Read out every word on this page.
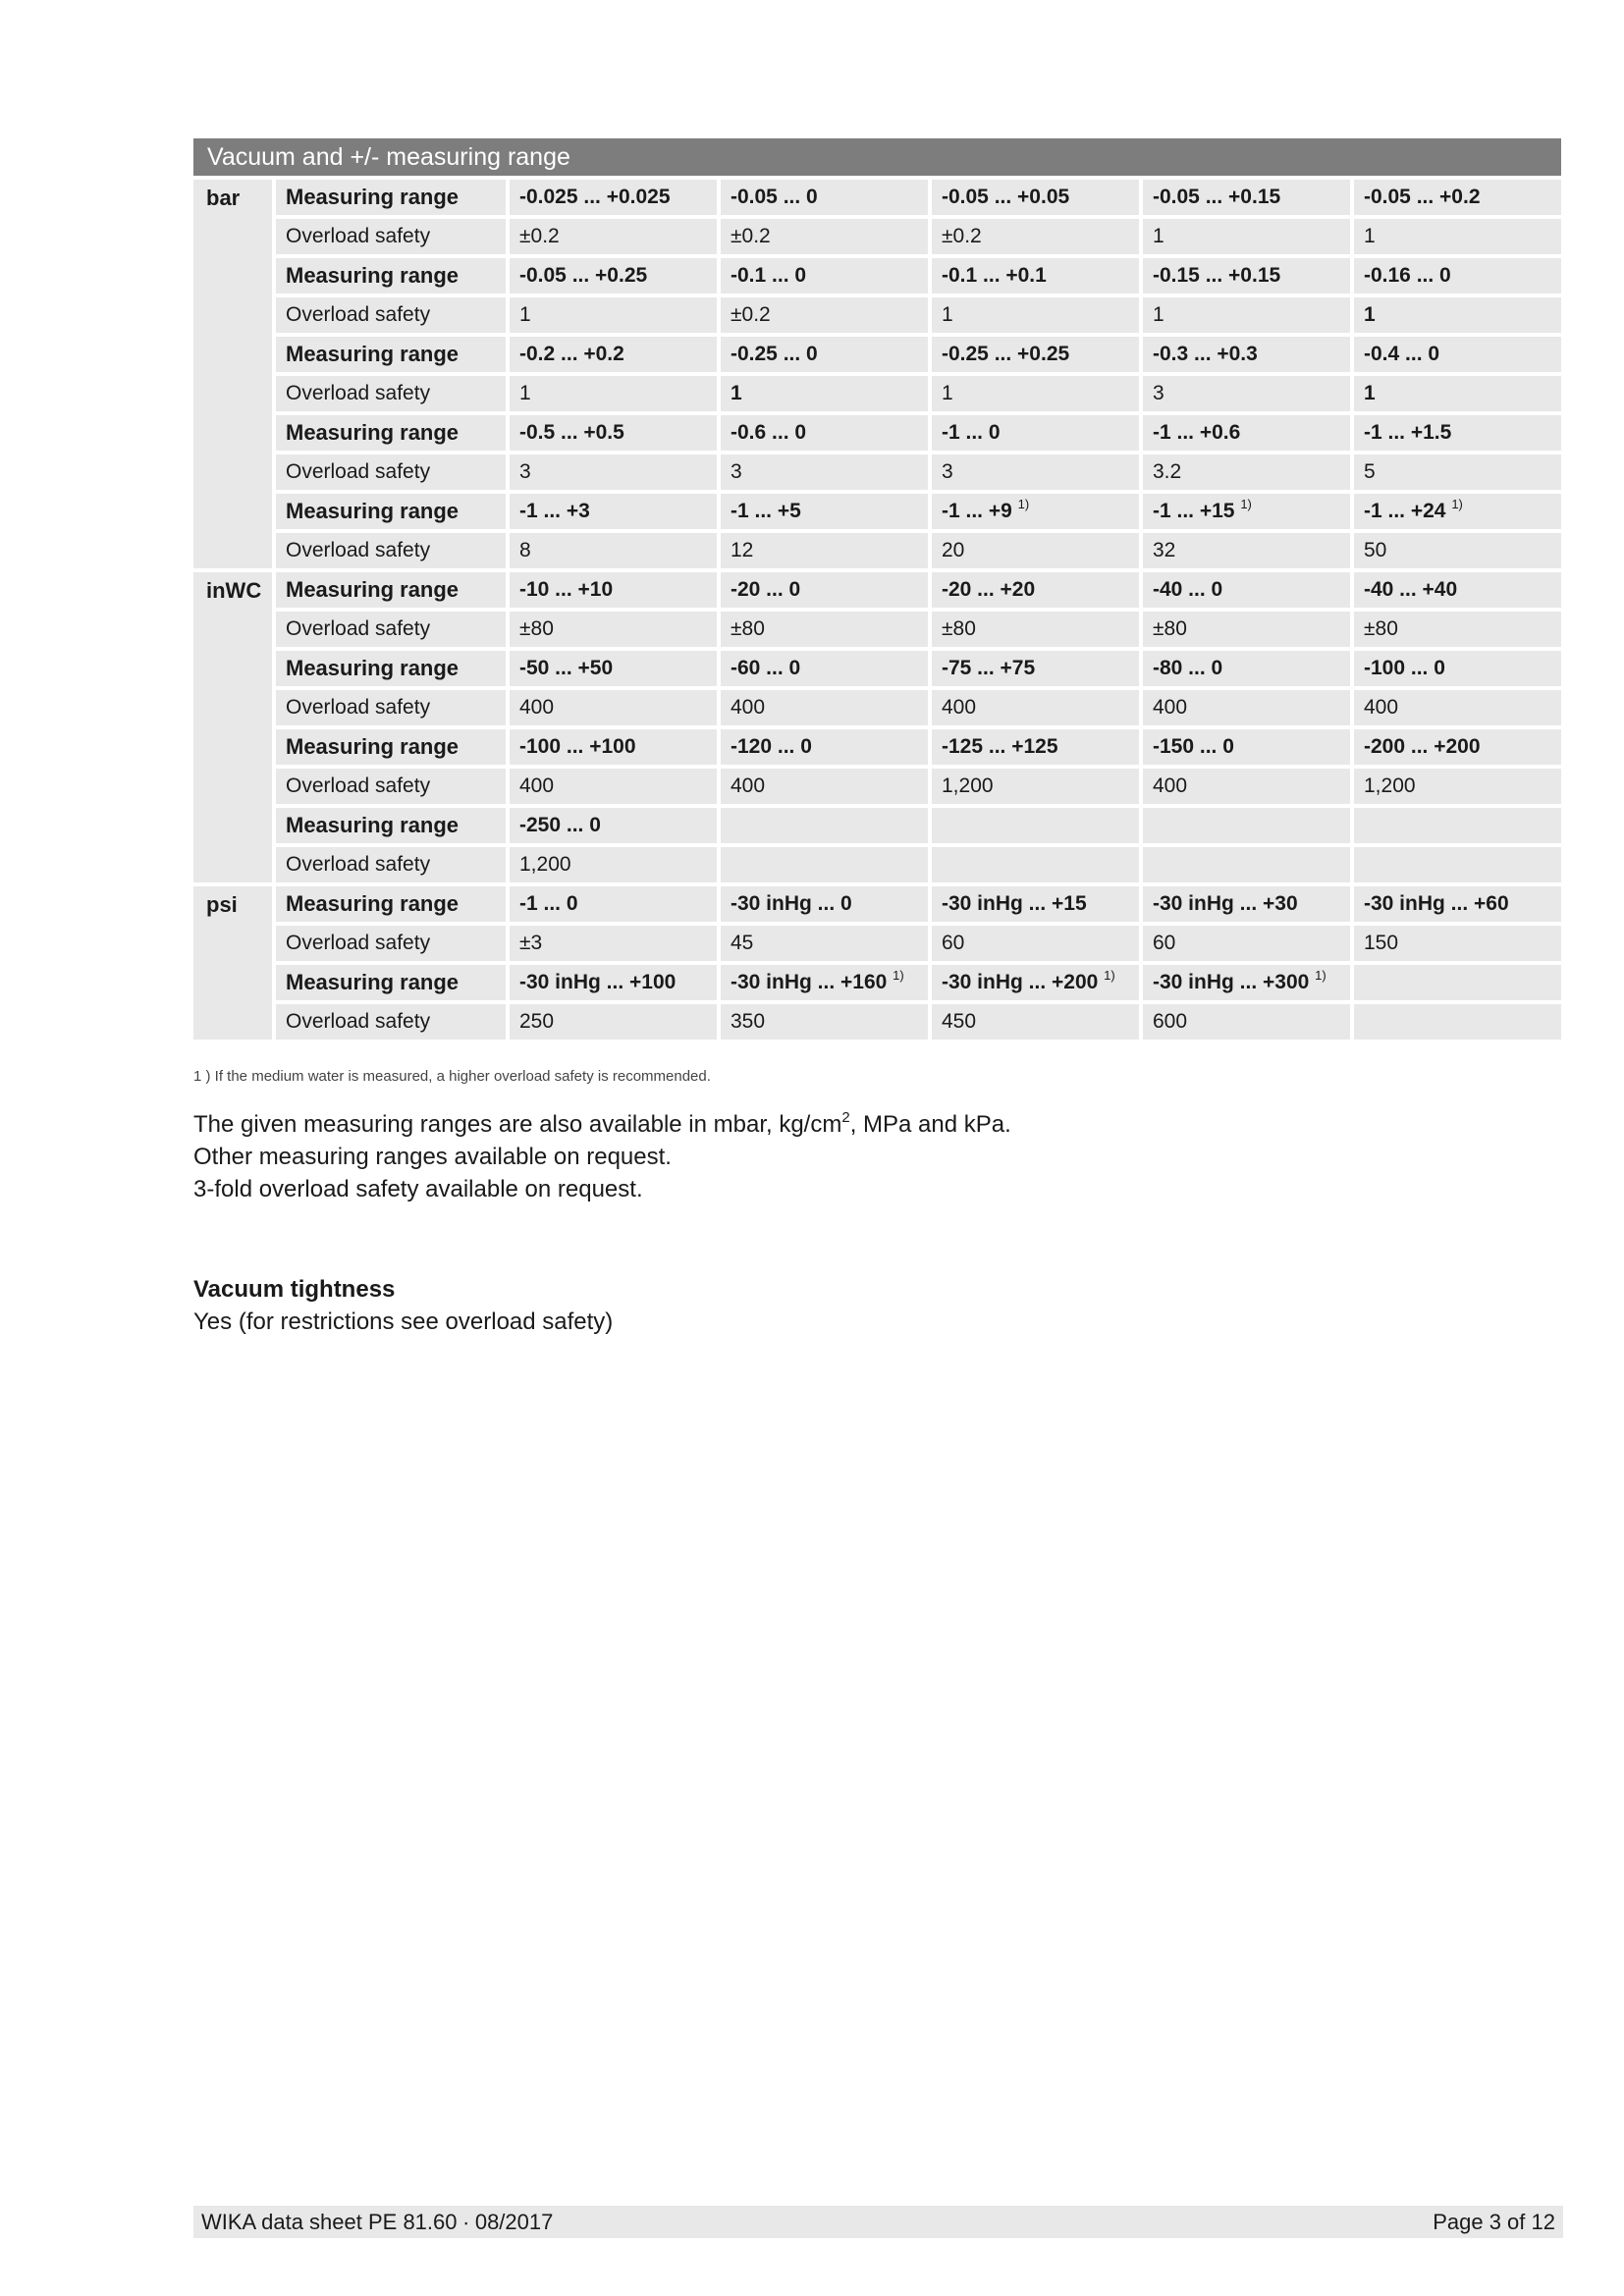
Vacuum and +/- measuring range
bar	Measuring range	-0.025 ... +0.025	-0.05 ... 0	-0.05 ... +0.05	-0.05 ... +0.15	-0.05 ... +0.2
Overload safety	±0.2	±0.2	±0.2	1	1
Measuring range	-0.05 ... +0.25	-0.1 ... 0	-0.1 ... +0.1	-0.15 ... +0.15	-0.16 ... 0
Overload safety	1	±0.2	1	1	1
Measuring range	-0.2 ... +0.2	-0.25 ... 0	-0.25 ... +0.25	-0.3 ... +0.3	-0.4 ... 0
Overload safety	1	1	1	3	1
Measuring range	-0.5 ... +0.5	-0.6 ... 0	-1 ... 0	-1 ... +0.6	-1 ... +1.5
Overload safety	3	3	3	3.2	5
Measuring range	-1 ... +3	-1 ... +5	-1 ... +9 $^{1)}$	-1 ... +15 $^{1)}$	-1 ... +24 $^{1)}$
Overload safety	8	12	20	32	50
inWC	Measuring range	-10 ... +10	-20 ... 0	-20 ... +20	-40 ... 0	-40 ... +40
Overload safety	±80	±80	±80	±80	±80
Measuring range	-50 ... +50	-60 ... 0	-75 ... +75	-80 ... 0	-100 ... 0
Overload safety	400	400	400	400	400
Measuring range	-100 ... +100	-120 ... 0	-125 ... +125	-150 ... 0	-200 ... +200
Overload safety	400	400	1,200	400	1,200
Measuring range	-250 ... 0
Overload safety	1,200
psi	Measuring range	-1 ... 0	-30 inHg ... 0	-30 inHg ... +15	-30 inHg ... +30	-30 inHg ... +60
Overload safety	±3	45	60	60	150
Measuring range	-30 inHg ... +100	-30 inHg ... +160 $^{1)}$	-30 inHg ... +200 $^{1)}$	-30 inHg ... +300 $^{1)}$
Overload safety	250	350	450	600
1 ) If the medium water is measured, a higher overload safety is recommended.
The given measuring ranges are also available in mbar, $kg/cm^2$, MPa and kPa.
Other measuring ranges available on request.
3-fold overload safety available on request.
Vacuum tightness
Yes (for restrictions see overload safety)
WIKA data sheet PE 81.60 ∙ 08/2017	Page 3 of 12
